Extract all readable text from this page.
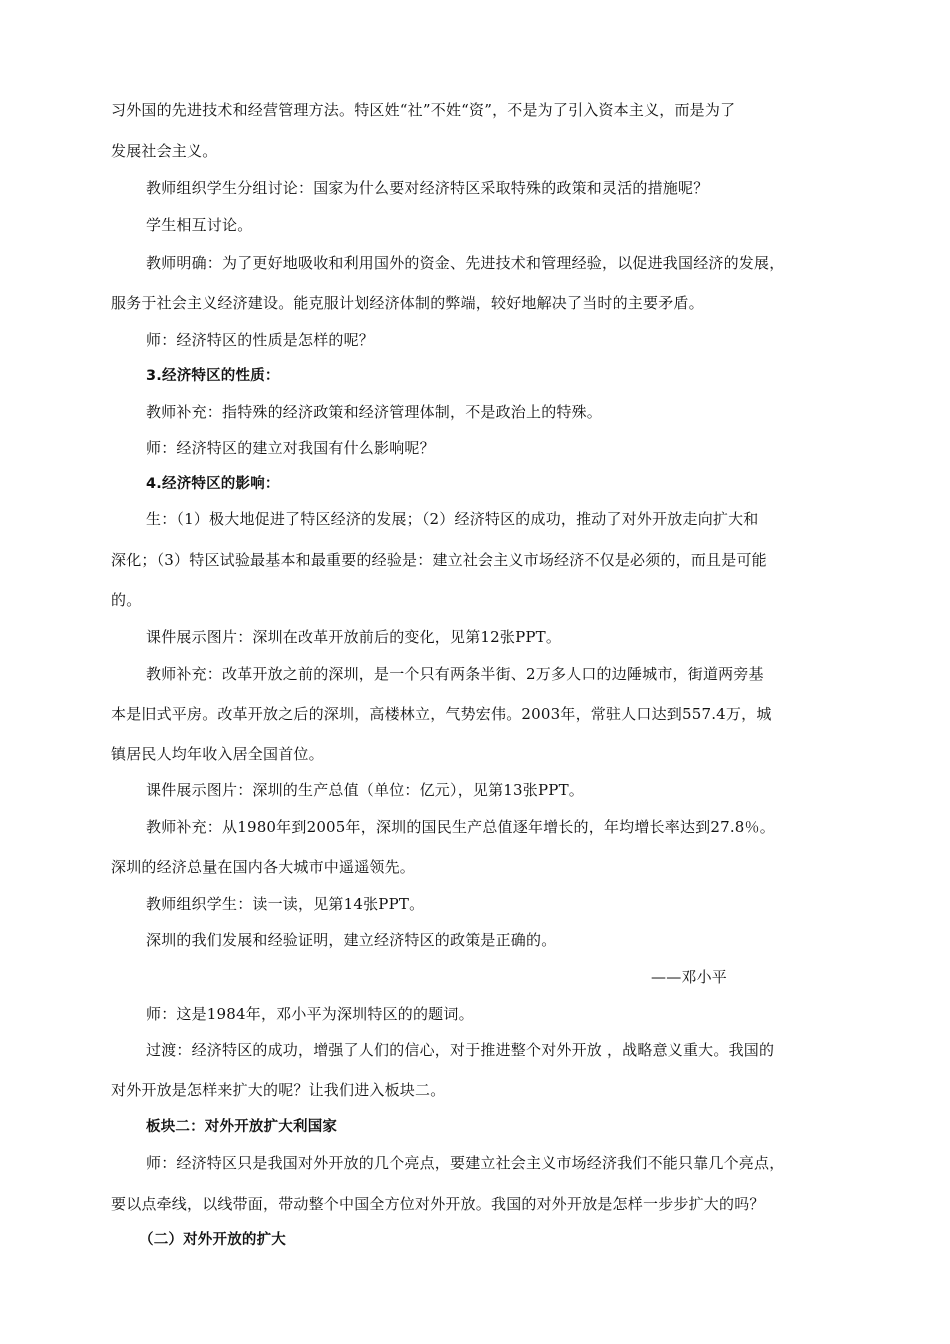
习外国的先进技术和经营管理方法。特区姓“社”不姓“资”，不是为了引入资本主义，而是为了
发展社会主义。
教师组织学生分组讨论：国家为什么要对经济特区采取特殊的政策和灵活的措施呢？
学生相互讨论。
教师明确：为了更好地吸收和利用国外的资金、先进技术和管理经验，以促进我国经济的发展，
服务于社会主义经济建设。能克服计划经济体制的弊端，较好地解决了当时的主要矛盾。
师：经济特区的性质是怎样的呢？
3.经济特区的性质：
教师补充：指特殊的经济政策和经济管理体制，不是政治上的特殊。
师：经济特区的建立对我国有什么影响呢？
4.经济特区的影响：
生：（1）极大地促进了特区经济的发展；（2）经济特区的成功，推动了对外开放走向扩大和
深化；（3）特区试验最基本和最重要的经验是：建立社会主义市场经济不仅是必须的，而且是可能
的。
课件展示图片：深圳在改革开放前后的变化，见第12张PPT。
教师补充：改革开放之前的深圳，是一个只有两条半街、2万多人口的边陲城市，街道两旁基
本是旧式平房。改革开放之后的深圳，高楼林立，气势宏伟。2003年，常驻人口达到557.4万，城
镇居民人均年收入居全国首位。
课件展示图片：深圳的生产总值（单位：亿元），见第13张PPT。
教师补充：从1980年到2005年，深圳的国民生产总值逐年增长的，年均增长率达到27.8％。
深圳的经济总量在国内各大城市中遥遥领先。
教师组织学生：读一读，见第14张PPT。
深圳的我们发展和经验证明，建立经济特区的政策是正确的。
——邓小平
师：这是1984年，邓小平为深圳特区的的题词。
过渡：经济特区的成功，增强了人们的信心，对于推进整个对外开放 ，战略意义重大。我国的
对外开放是怎样来扩大的呢？让我们进入板块二。
板块二：对外开放扩大利国家
师：经济特区只是我国对外开放的几个亮点，要建立社会主义市场经济我们不能只靠几个亮点，
要以点牵线，以线带面，带动整个中国全方位对外开放。我国的对外开放是怎样一步步扩大的吗？
（二）对外开放的扩大
